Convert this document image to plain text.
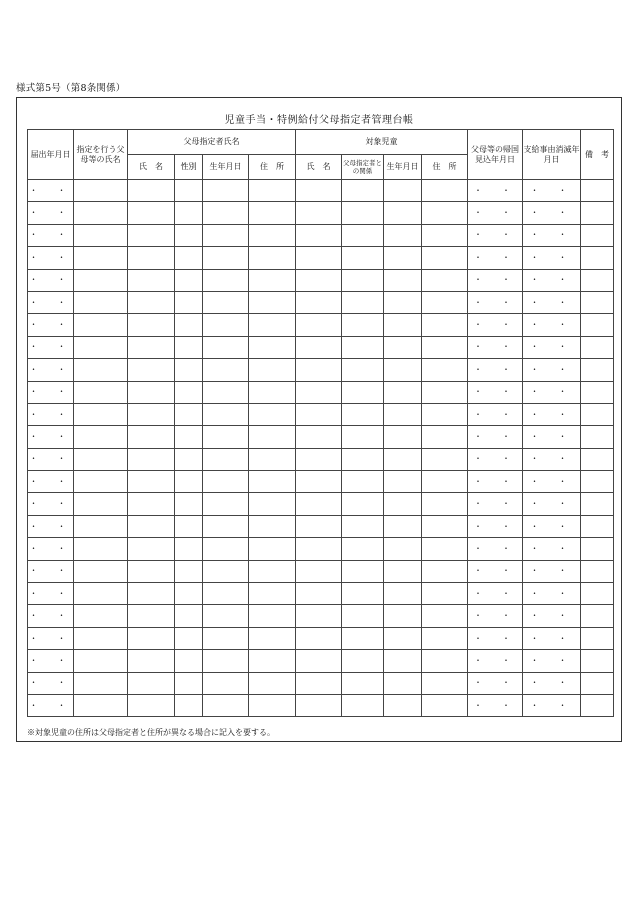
様式第5号（第8条関係）
児童手当・特例給付父母指定者管理台帳
届出年月日	指定を行う父母等の氏名	父母指定者氏名				対象児童				父母等の帰国見込年月日	支給事由消滅年月日	備　考
		氏　名	性別	生年月日	住　所	氏　名	父母指定者との関係	生年月日	住　所			
・　・										・　・	・　・	
・　・										・　・	・　・	
・　・										・　・	・　・	
・　・										・　・	・　・	
・　・										・　・	・　・	
・　・										・　・	・　・	
・　・										・　・	・　・	
・　・										・　・	・　・	
・　・										・　・	・　・	
・　・										・　・	・　・	
・　・										・　・	・　・	
・　・										・　・	・　・	
・　・										・　・	・　・	
・　・										・　・	・　・	
・　・										・　・	・　・	
・　・										・　・	・　・	
・　・										・　・	・　・	
・　・										・　・	・　・	
・　・										・　・	・　・	
・　・										・　・	・　・	
・　・										・　・	・　・	
・　・										・　・	・　・	
・　・										・　・	・　・	
・　・										・　・	・　・	
※対象児童の住所は父母指定者と住所が異なる場合に記入を要する。
